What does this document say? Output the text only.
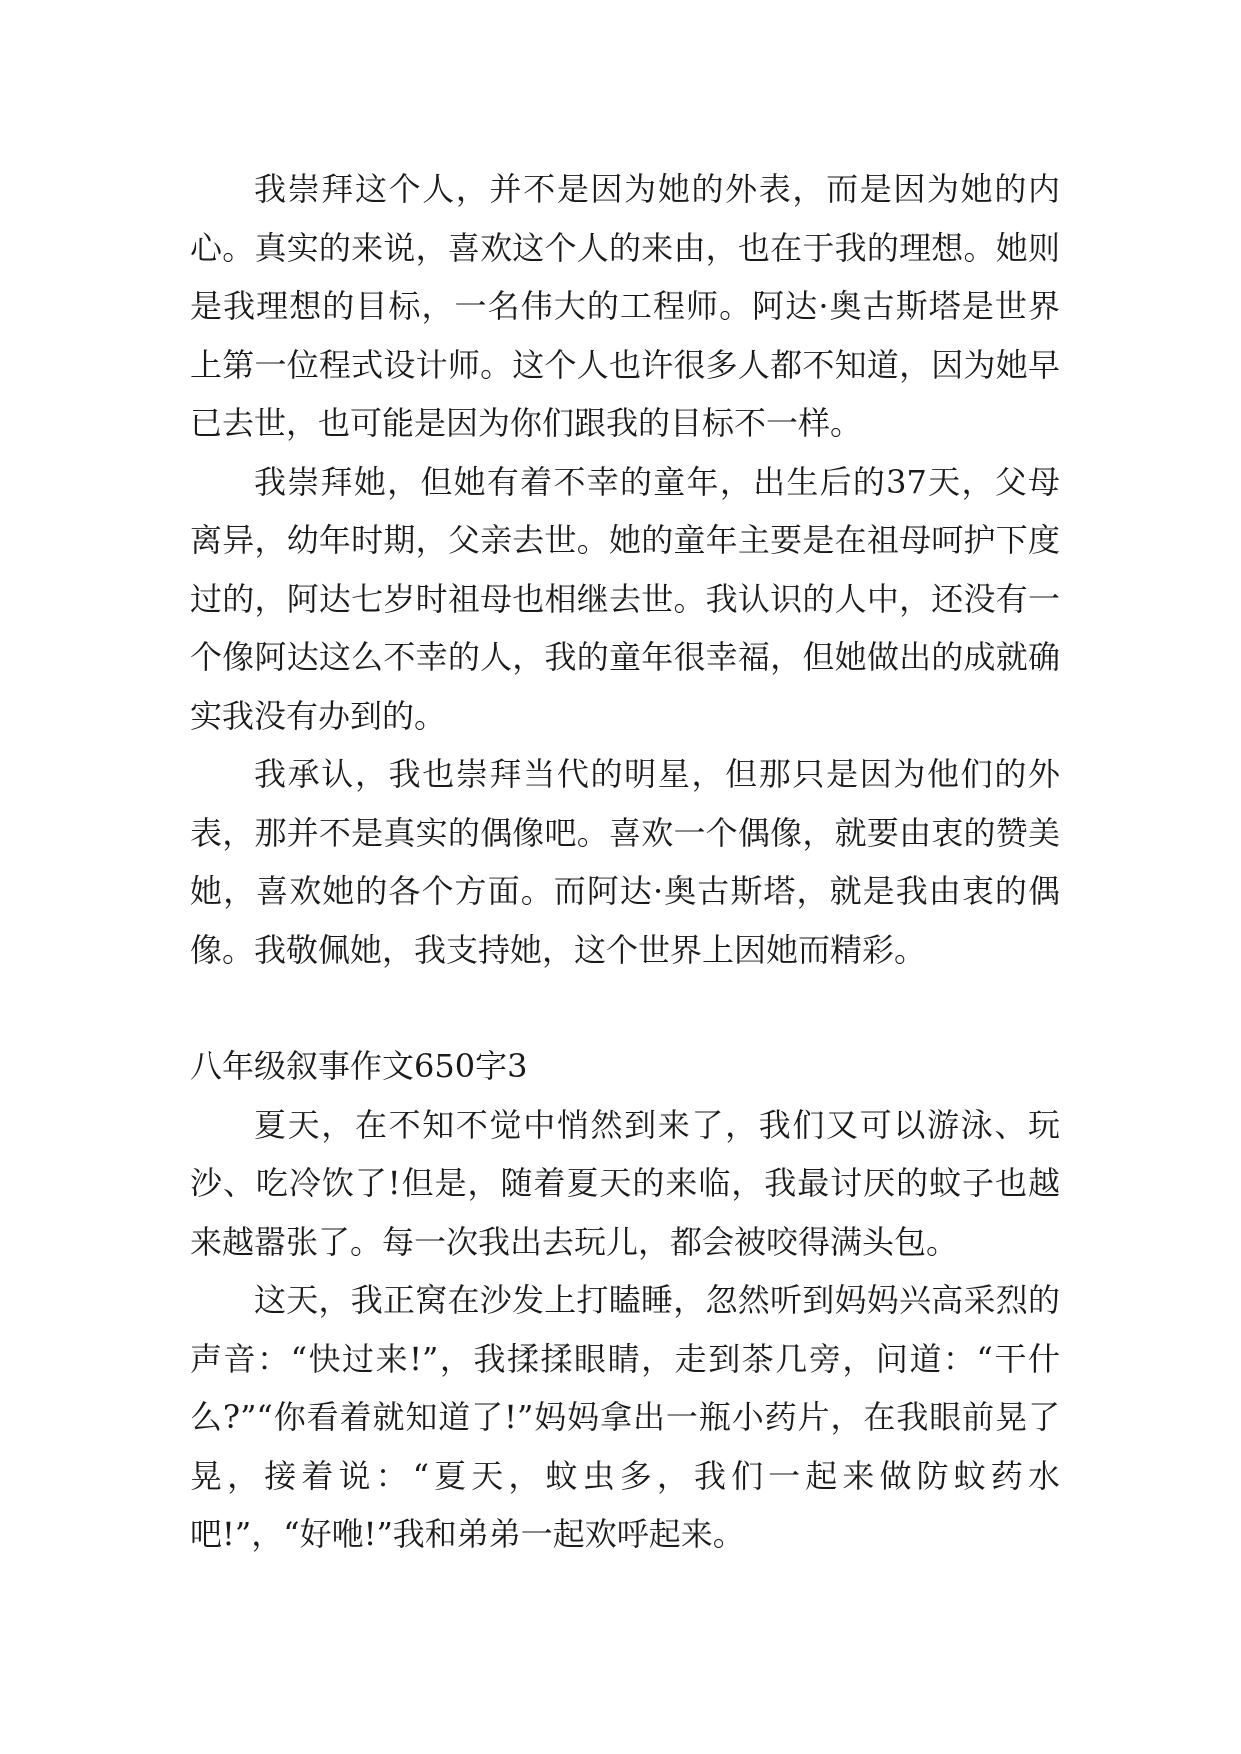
我崇拜这个人，并不是因为她的外表，而是因为她的内心。真实的来说，喜欢这个人的来由，也在于我的理想。她则是我理想的目标，一名伟大的工程师。阿达·奥古斯塔是世界上第一位程式设计师。这个人也许很多人都不知道，因为她早已去世，也可能是因为你们跟我的目标不一样。

我崇拜她，但她有着不幸的童年，出生后的37天，父母离异，幼年时期，父亲去世。她的童年主要是在祖母呵护下度过的，阿达七岁时祖母也相继去世。我认识的人中，还没有一个像阿达这么不幸的人，我的童年很幸福，但她做出的成就确实我没有办到的。

我承认，我也崇拜当代的明星，但那只是因为他们的外表，那并不是真实的偶像吧。喜欢一个偶像，就要由衷的赞美她，喜欢她的各个方面。而阿达·奥古斯塔，就是我由衷的偶像。我敬佩她，我支持她，这个世界上因她而精彩。

八年级叙事作文650字3

夏天，在不知不觉中悄然到来了，我们又可以游泳、玩沙、吃冷饮了!但是，随着夏天的来临，我最讨厌的蚊子也越来越嚣张了。每一次我出去玩儿，都会被咬得满头包。

这天，我正窝在沙发上打瞌睡，忽然听到妈妈兴高采烈的声音：“快过来!”，我揉揉眼睛，走到茶几旁，问道：“干什么?”“你看着就知道了!”妈妈拿出一瓶小药片，在我眼前晃了晃，接着说：“夏天，蚊虫多，我们一起来做防蚊药水吧!”，“好咃!”我和弟弟一起欢呼起来。
